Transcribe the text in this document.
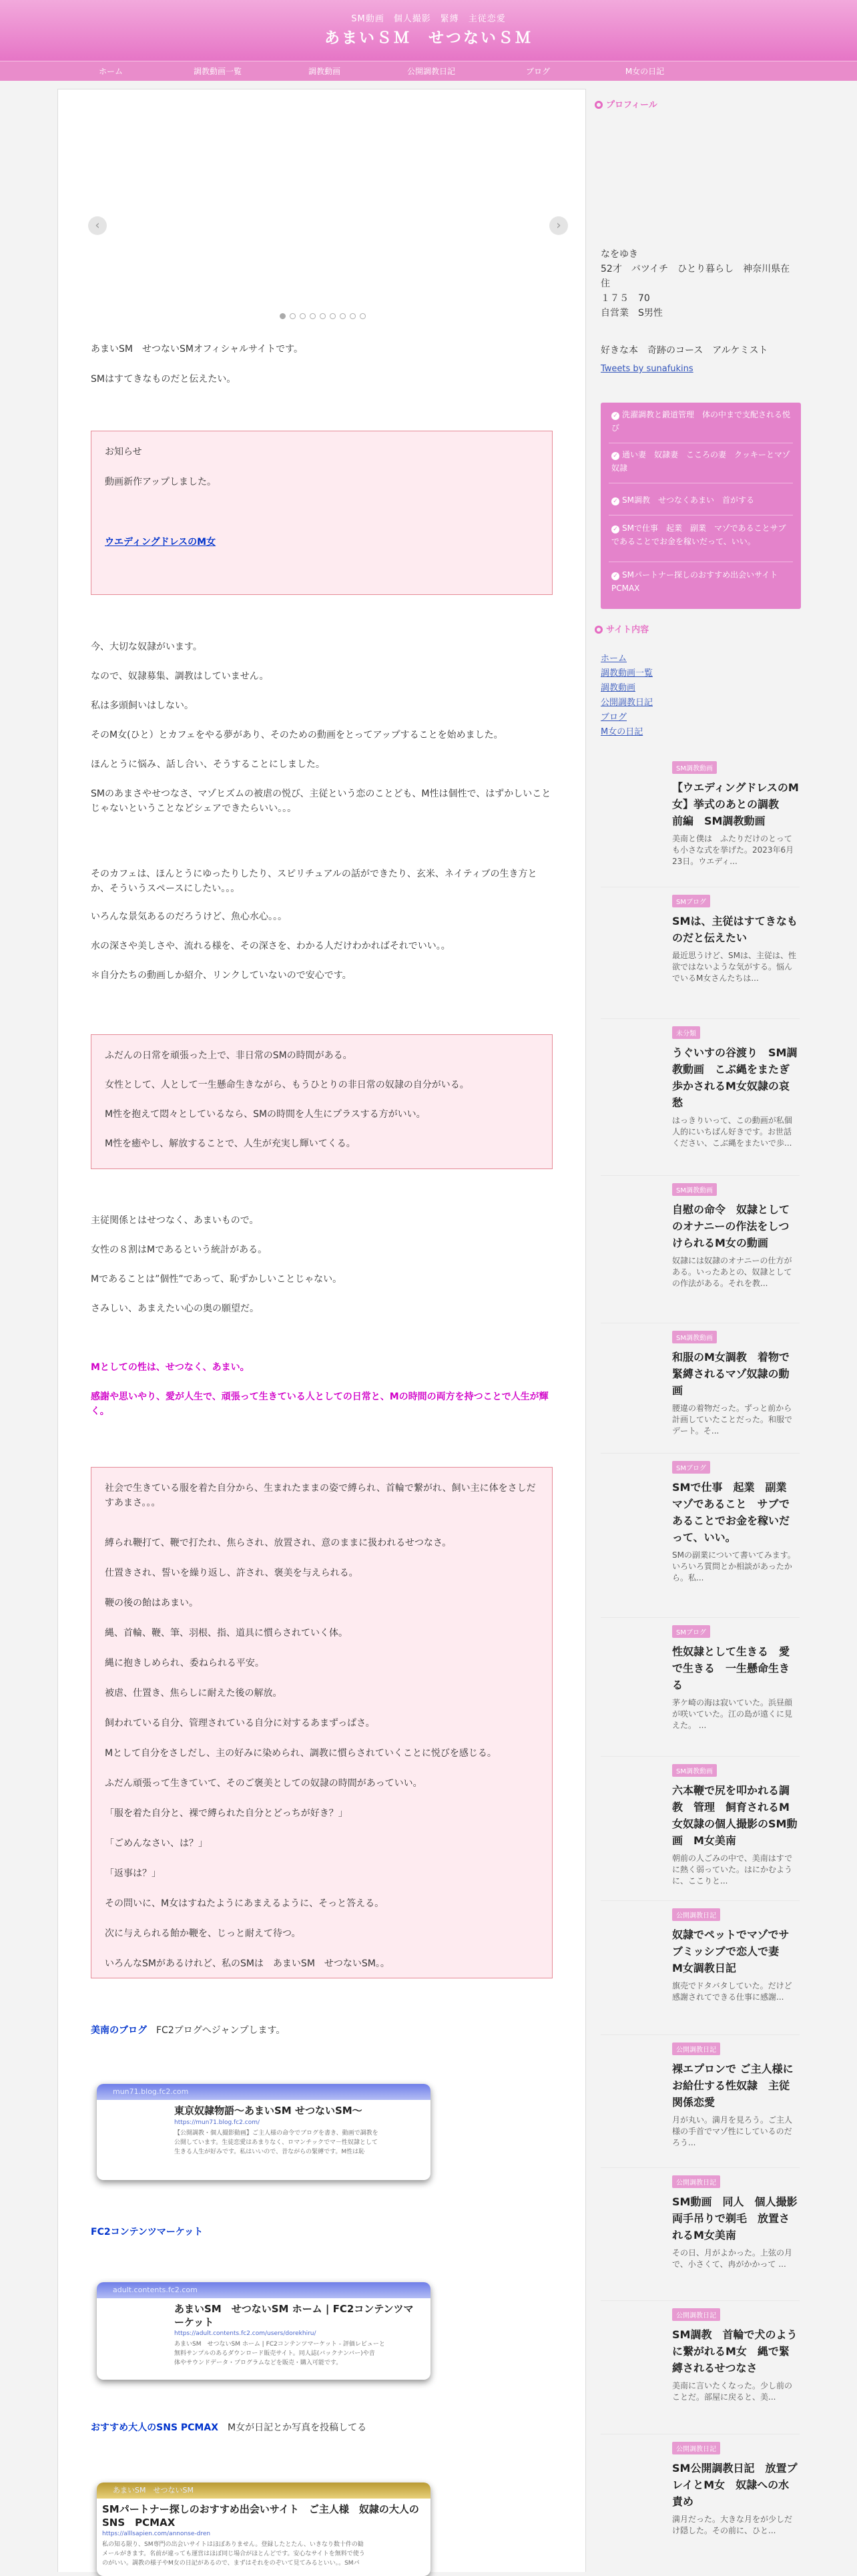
SM動画　個人撮影　緊縛　主従恋愛
あまいＳＭ　せつないＳＭ
ホーム	調教動画一覧	調教動画	公開調教日記	ブログ	M女の日記
‹	›
あまいSM　せつないSMオフィシャルサイトです。
SMはすてきなものだと伝えたい。
お知らせ
動画新作アップしました。
ウエディングドレスのM女
今、大切な奴隷がいます。
なので、奴隷募集、調教はしていません。
私は多頭飼いはしない。
そのM女(ひと）とカフェをやる夢があり、そのための動画をとってアップすることを始めました。
ほんとうに悩み、話し合い、そうすることにしました。
SMのあまさやせつなさ、マゾヒズムの被虐の悦び、主従という恋のことども、M性は個性で、はずかしいことじゃないということなどシェアできたらいい。。。
そのカフェは、ほんとうにゆったりしたり、スピリチュアルの話ができたり、玄米、ネイティブの生き方とか、そういうスペースにしたい。。。
いろんな景気あるのだろうけど、魚心水心。。。
水の深さや美しさや、流れる様を、その深さを、わかる人だけわかればそれでいい。。
＊自分たちの動画しか紹介、リンクしていないので安心です。
ふだんの日常を頑張った上で、非日常のSMの時間がある。
女性として、人として一生懸命生きながら、もうひとりの非日常の奴隷の自分がいる。
M性を抱えて悶々としているなら、SMの時間を人生にプラスする方がいい。
M性を癒やし、解放することで、人生が充実し輝いてくる。
主従関係とはせつなく、あまいもので。
女性の８割はMであるという統計がある。
Mであることは”個性”であって、恥ずかしいことじゃない。
さみしい、あまえたい心の奥の願望だ。
Mとしての性は、せつなく、あまい。
感謝や思いやり、愛が人生で、頑張って生きている人としての日常と、Mの時間の両方を持つことで人生が輝く。
社会で生きている服を着た自分から、生まれたままの姿で縛られ、首輪で繋がれ、飼い主に体をさしだすあまさ。。。
縛られ鞭打て、鞭で打たれ、焦らされ、放置され、意のままに扱われるせつなさ。
仕置きされ、誓いを繰り返し、許され、褒美を与えられる。
鞭の後の飴はあまい。
縄、首輪、鞭、筆、羽根、指、道具に慣らされていく体。
縄に抱きしめられ、委ねられる平安。
被虐、仕置き、焦らしに耐えた後の解放。
飼われている自分、管理されている自分に対するあまずっぱさ。
Mとして自分をさしだし、主の好みに染められ、調教に慣らされていくことに悦びを感じる。
ふだん頑張って生きていて、そのご褒美としての奴隷の時間があっていい。
「服を着た自分と、裸で縛られた自分とどっちが好き？」
「ごめんなさい、は？」
「返事は？」
その問いに、M女はすねたようにあまえるように、そっと答える。
次に与えられる飴か鞭を、じっと耐えて待つ。
いろんなSMがあるけれど、私のSMは　あまいSM　せつないSM。。
美南のブログ　 FC2ブログへジャンプします。
mun71.blog.fc2.com
東京奴隷物語～あまいSM せつないSM～
https://mun71.blog.fc2.com/
【公開調教・個人撮影動画】ご主人様の命令でブログを書き、動画で調教を
公開しています。生徒恋愛はあまりなく、ロマンチックでマ－性奴隷として
生きる人生が好みです。私はいいので、昔ながらの緊縛です。M性は恥
FC2コンテンツマーケット
adult.contents.fc2.com
あまいSM　せつないSM ホーム | FC2コンテンツマーケット
https://adult.contents.fc2.com/users/dorekhiru/
あまいSM　せつないSM ホーム | FC2コンテンツマーケット - 評価レビューと
無料サンプルのあるダウンロード販売サイト。同人誌(バックナンバー)や音
体やサウンドデータ・プログラムなどを販売・購入可能です。
おすすめ大人のSNS PCMAX　 M女が日記とか写真を投稿してる
あまいSM　せつないSM
SMパートナー探しのおすすめ出会いサイト　ご主人様　奴隷の大人のSNS　PCMAX
https://alllsapien.com/annonse-dren
私の知る限り、SM専門の出会いサイトはほぼありません。登録したとたん、いきなり数十件の勧
メールがきます。名前が違っても運営はほぼ同じ場合がほとんどです。安心なサイトを無料で使う
のがいい。調教の様子やM女の日記があるので、まずはそれをのぞいて見てみるといい。。SMパ
プロフィール
なをゆき
52才　バツイチ　ひとり暮らし　神奈川県在住
１７５　70
自営業　S男性
好きな本　奇跡のコース　アルケミスト
Tweets by sunafukins
✓ 洗濯調教と鍛道管理　体の中まで支配される悦び
✓ 通い妻　奴隷妻　こころの妻　クッキーとマゾ奴隷
✓ SM調教　せつなくあまい　首がする
✓ SMで仕事　起業　副業　マゾであることサブであることでお金を稼いだって、いい。
✓ SMパートナー探しのおすすめ出会いサイトPCMAX
サイト内容
ホーム
調教動画一覧
調教動画
公開調教日記
ブログ
M女の日記
SM調教動画
【ウエディングドレスのM女】挙式のあとの調教　前編　SM調教動画
美南と僕は　ふたりだけのとっても小さな式を挙げた。2023年6月23日。ウエディ...
SMブログ
SMは、主従はすてきなものだと伝えたい
最近思うけど、SMは、主従は、性欲ではないような気がする。悩んでいるM女さんたちは...
未分類
うぐいすの谷渡り　SM調教動画　こぶ縄をまたぎ歩かされるM女奴隷の哀愁
はっきりいって、この動画が私個人的にいちばん好きです。お世話ください、こぶ縄をまたいで歩...
SM調教動画
自慰の命令　奴隷としてのオナニーの作法をしつけられるM女の動画
奴隷には奴隷のオナニーの仕方がある。いったあとの、奴隷としての作法がある。それを教...
SM調教動画
和服のM女調教　着物で緊縛されるマゾ奴隷の動画
腰違の着物だった。ずっと前から計画していたことだった。和服でデート。そ...
SMブログ
SMで仕事　起業　副業　マゾであること　サブであることでお金を稼いだって、いい。
SMの副業について書いてみます。いろいろ質問とか相談があったから。私...
SMブログ
性奴隷として生きる　愛で生きる　一生懸命生きる
茅ケ崎の海は寂いていた。浜昼顔が咲いていた。江の島が遠くに見えた。 ...
SM調教動画
六本鞭で尻を叩かれる調教　管理　飼育されるM女奴隷の個人撮影のSM動画　M女美南
朝前の人ごみの中で、美南はすでに熱く弱っていた。はにかむように、ここりと...
公開調教日記
奴隷でペットでマゾでサブミッシブで恋人で妻　M女調教日記
旗売でドタバタしていた。だけど感謝されてできる仕事に感謝...
公開調教日記
裸エプロンで ご主人様にお給仕する性奴隷　主従関係恋愛
月が丸い。満月を見ろう。ご主人様の手首でマゾ性にしているのだろう...
公開調教日記
SM動画　同人　個人撮影　両手吊りで剃毛　放置されるM女美南
その日、月がよかった。上弦の月で、小さくて、冉がかかって ...
公開調教日記
SM調教　首輪で犬のように繋がれるM女　縄で緊縛されるせつなさ
美南に言いたくなった。少し前のことだ。部屋に戻ると、美...
公開調教日記
SM公開調教日記　放置プレイとM女　奴隷への水責め
満月だった。大きな月をが少しだけ隠した。その前に、ひと...
